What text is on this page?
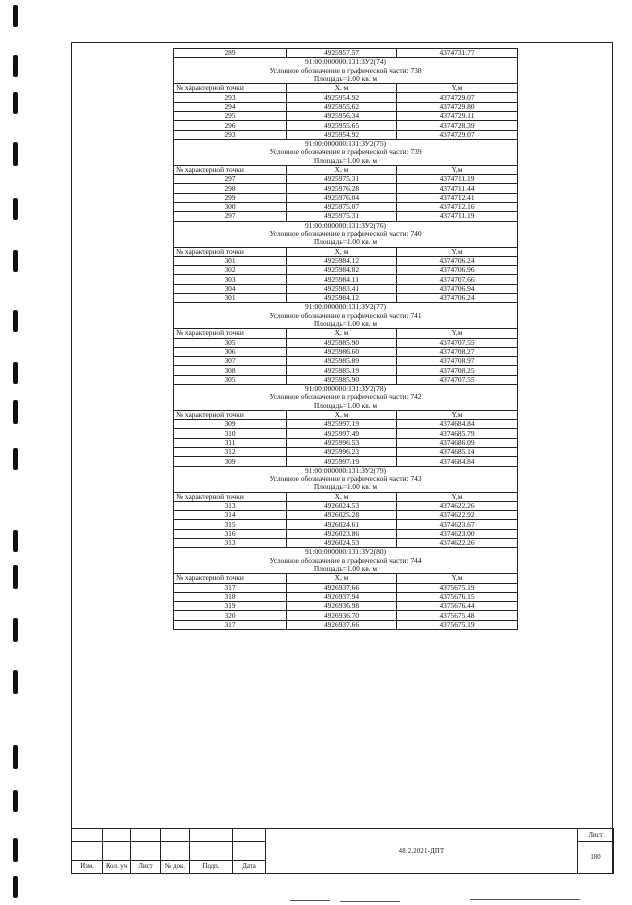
289	4925957.57	4374731.77
91:00:000000:131:ЗУ2(74)		
Условное обозначение в графической части: 738		
Площадь=1.00 кв. м		
№ характерной точки	X, м	Y,м
293	4925954.92	4374729.07
294	4925955.62	4374729.80
295	4925956.34	4374729.11
296	4925955.65	4374728.39
293	4925954.92	4374729.07
91:00:000000:131:ЗУ2(75)		
Условное обозначение в графической части: 739		
Площадь=1.00 кв. м		
№ характерной точки	X, м	Y,м
297	4925975.31	4374711.19
298	4925976.28	4374711.44
299	4925976.04	4374712.41
300	4925975.07	4374712.16
297	4925975.31	4374711.19
91:00:000000:131:ЗУ2(76)		
Условное обозначение в графической части: 740		
Площадь=1.00 кв. м		
№ характерной точки	X, м	Y,м
301	4925984.12	4374706.24
302	4925984.82	4374706.96
303	4925984.11	4374707.66
304	4925983.41	4374706.94
301	4925984.12	4374706.24
91:00:000000:131:ЗУ2(77)		
Условное обозначение в графической части: 741		
Площадь=1.00 кв. м		
№ характерной точки	X, м	Y,м
305	4925985.90	4374707.55
306	4925986.60	4374708.27
307	4925985.89	4374708.97
308	4925985.19	4374708.25
305	4925985.90	4374707.55
91:00:000000:131:ЗУ2(78)		
Условное обозначение в графической части: 742		
Площадь=1.00 кв. м		
№ характерной точки	X, м	Y,м
309	4925997.19	4374684.84
310	4925997.49	4374685.79
311	4925996.53	4374686.09
312	4925996.23	4374685.14
309	4925997.19	4374684.84
91:00:000000:131:ЗУ2(79)		
Условное обозначение в графической части: 743		
Площадь=1.00 кв. м		
№ характерной точки	X, м	Y,м
313	4926024.53	4374622.26
314	4926025.28	4374622.92
315	4926024.61	4374623.67
316	4926023.86	4374623.00
313	4926024.53	4374622.26
91:00:000000:131:ЗУ2(80)		
Условное обозначение в графической части: 744		
Площадь=1.00 кв. м		
№ характерной точки	X, м	Y,м
317	4926937.66	4375675.19
318	4926937.94	4375676.15
319	4926936.98	4375676.44
320	4926936.70	4375675.48
317	4926937.66	4375675.19
						48.2.2021-ДПТ	Лист
							180
Изм.	Кол. уч	Лист	№ док.	Подп.	Дата		
